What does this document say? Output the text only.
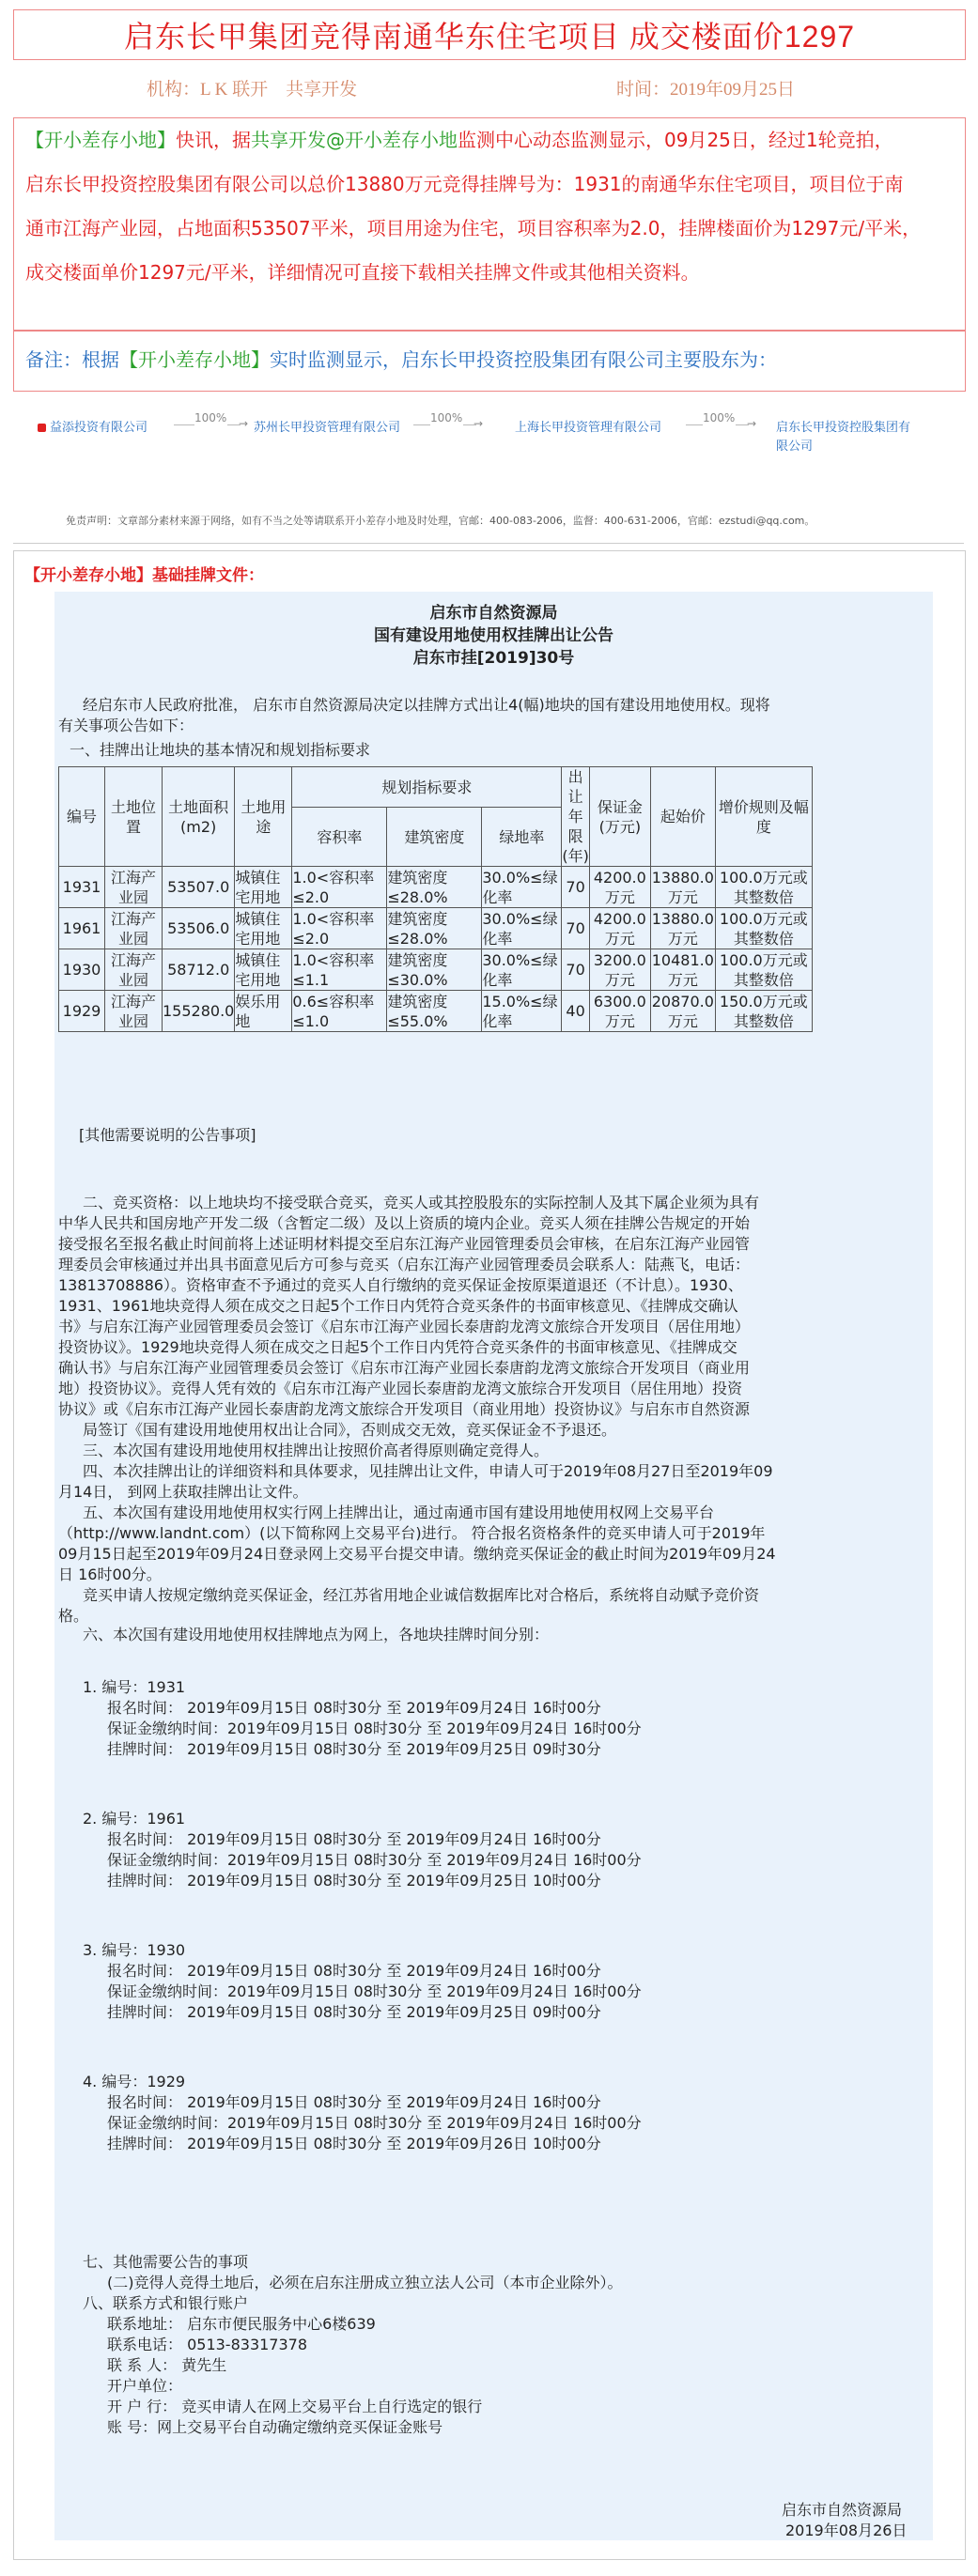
启东长甲集团竞得南通华东住宅项目 成交楼面价1297
机构：L K 联开　共享开发	时间：2019年09月25日

【开小差存小地】快讯，据共享开发@开小差存小地监测中心动态监测显示，09月25日，经过1轮竞拍，

启东长甲投资控股集团有限公司以总价13880万元竞得挂牌号为：1931的南通华东住宅项目，项目位于南

通市江海产业园，占地面积53507平米，项目用途为住宅，项目容积率为2.0，挂牌楼面价为1297元/平米，

成交楼面单价1297元/平米，详细情况可直接下载相关挂牌文件或其他相关资料。

备注：根据【开小差存小地】实时监测显示，启东长甲投资控股集团有限公司主要股东为：

益添投资有限公司
100% → 苏州长甲投资管理有限公司
100% →	上海长甲投资管理有限公司
100% → 启东长甲投资控股集团有
限公司
免责声明：文章部分素材来源于网络，如有不当之处等请联系开小差存小地及时处理，官邮：400-083-2006，监督：400-631-2006，官邮：ezstudi@qq.com。
【开小差存小地】基础挂牌文件：
启东市自然资源局
国有建设用地使用权挂牌出让公告
启东市挂[2019]30号
经启东市人民政府批准， 启东市自然资源局决定以挂牌方式出让4(幅)地块的国有建设用地使用权。现将
有关事项公告如下：
一、挂牌出让地块的基本情况和规划指标要求
编号	土地位置	土地面积(m2)	土地用途	规划指标要求			出让年限(年)	保证金(万元)	起始价	增价规则及幅度
				容积率	建筑密度	绿地率				
1931	江海产业园	53507.0	城镇住宅用地	1.0<容积率≤2.0	建筑密度≤28.0%	30.0%≤绿化率	70	4200.0万元	13880.0万元	100.0万元或其整数倍
1961	江海产业园	53506.0	城镇住宅用地	1.0<容积率≤2.0	建筑密度≤28.0%	30.0%≤绿化率	70	4200.0万元	13880.0万元	100.0万元或其整数倍
1930	江海产业园	58712.0	城镇住宅用地	1.0<容积率≤1.1	建筑密度≤30.0%	30.0%≤绿化率	70	3200.0万元	10481.0万元	100.0万元或其整数倍
1929	江海产业园	155280.0	娱乐用地	0.6≤容积率≤1.0	建筑密度≤55.0%	15.0%≤绿化率	40	6300.0万元	20870.0万元	150.0万元或其整数倍
[其他需要说明的公告事项]
二、竞买资格：以上地块均不接受联合竞买，竞买人或其控股股东的实际控制人及其下属企业须为具有
中华人民共和国房地产开发二级（含暂定二级）及以上资质的境内企业。竞买人须在挂牌公告规定的开始
接受报名至报名截止时间前将上述证明材料提交至启东江海产业园管理委员会审核，在启东江海产业园管
理委员会审核通过并出具书面意见后方可参与竞买（启东江海产业园管理委员会联系人：陆燕飞，电话：
13813708886）。资格审查不予通过的竞买人自行缴纳的竞买保证金按原渠道退还（不计息）。1930、
1931、1961地块竞得人须在成交之日起5个工作日内凭符合竞买条件的书面审核意见、《挂牌成交确认
书》与启东江海产业园管理委员会签订《启东市江海产业园长泰唐韵龙湾文旅综合开发项目（居住用地）
投资协议》。1929地块竞得人须在成交之日起5个工作日内凭符合竞买条件的书面审核意见、《挂牌成交
确认书》与启东江海产业园管理委员会签订《启东市江海产业园长泰唐韵龙湾文旅综合开发项目（商业用
地）投资协议》。竞得人凭有效的《启东市江海产业园长泰唐韵龙湾文旅综合开发项目（居住用地）投资
协议》或《启东市江海产业园长泰唐韵龙湾文旅综合开发项目（商业用地）投资协议》与启东市自然资源
局签订《国有建设用地使用权出让合同》，否则成交无效，竞买保证金不予退还。
三、本次国有建设用地使用权挂牌出让按照价高者得原则确定竞得人。
四、本次挂牌出让的详细资料和具体要求，见挂牌出让文件，申请人可于2019年08月27日至2019年09
月14日， 到网上获取挂牌出让文件。
五、本次国有建设用地使用权实行网上挂牌出让，通过南通市国有建设用地使用权网上交易平台
（http://www.landnt.com）(以下简称网上交易平台)进行。 符合报名资格条件的竞买申请人可于2019年
09月15日起至2019年09月24日登录网上交易平台提交申请。缴纳竞买保证金的截止时间为2019年09月24
日 16时00分。
竞买申请人按规定缴纳竞买保证金，经江苏省用地企业诚信数据库比对合格后，系统将自动赋予竞价资
格。
六、本次国有建设用地使用权挂牌地点为网上，各地块挂牌时间分别：
1. 编号：1931
报名时间： 2019年09月15日 08时30分 至 2019年09月24日 16时00分
保证金缴纳时间：2019年09月15日 08时30分 至 2019年09月24日 16时00分
挂牌时间： 2019年09月15日 08时30分 至 2019年09月25日 09时30分
2. 编号：1961
报名时间： 2019年09月15日 08时30分 至 2019年09月24日 16时00分
保证金缴纳时间：2019年09月15日 08时30分 至 2019年09月24日 16时00分
挂牌时间： 2019年09月15日 08时30分 至 2019年09月25日 10时00分
3. 编号：1930
报名时间： 2019年09月15日 08时30分 至 2019年09月24日 16时00分
保证金缴纳时间：2019年09月15日 08时30分 至 2019年09月24日 16时00分
挂牌时间： 2019年09月15日 08时30分 至 2019年09月25日 09时00分
4. 编号：1929
报名时间： 2019年09月15日 08时30分 至 2019年09月24日 16时00分
保证金缴纳时间：2019年09月15日 08时30分 至 2019年09月24日 16时00分
挂牌时间： 2019年09月15日 08时30分 至 2019年09月26日 10时00分
七、其他需要公告的事项
(二)竞得人竞得土地后，必须在启东注册成立独立法人公司（本市企业除外）。
八、联系方式和银行账户
联系地址： 启东市便民服务中心6楼639
联系电话： 0513-83317378
联 系 人： 黄先生
开户单位：
开 户 行： 竞买申请人在网上交易平台上自行选定的银行
账 号：网上交易平台自动确定缴纳竞买保证金账号
启东市自然资源局
2019年08月26日
